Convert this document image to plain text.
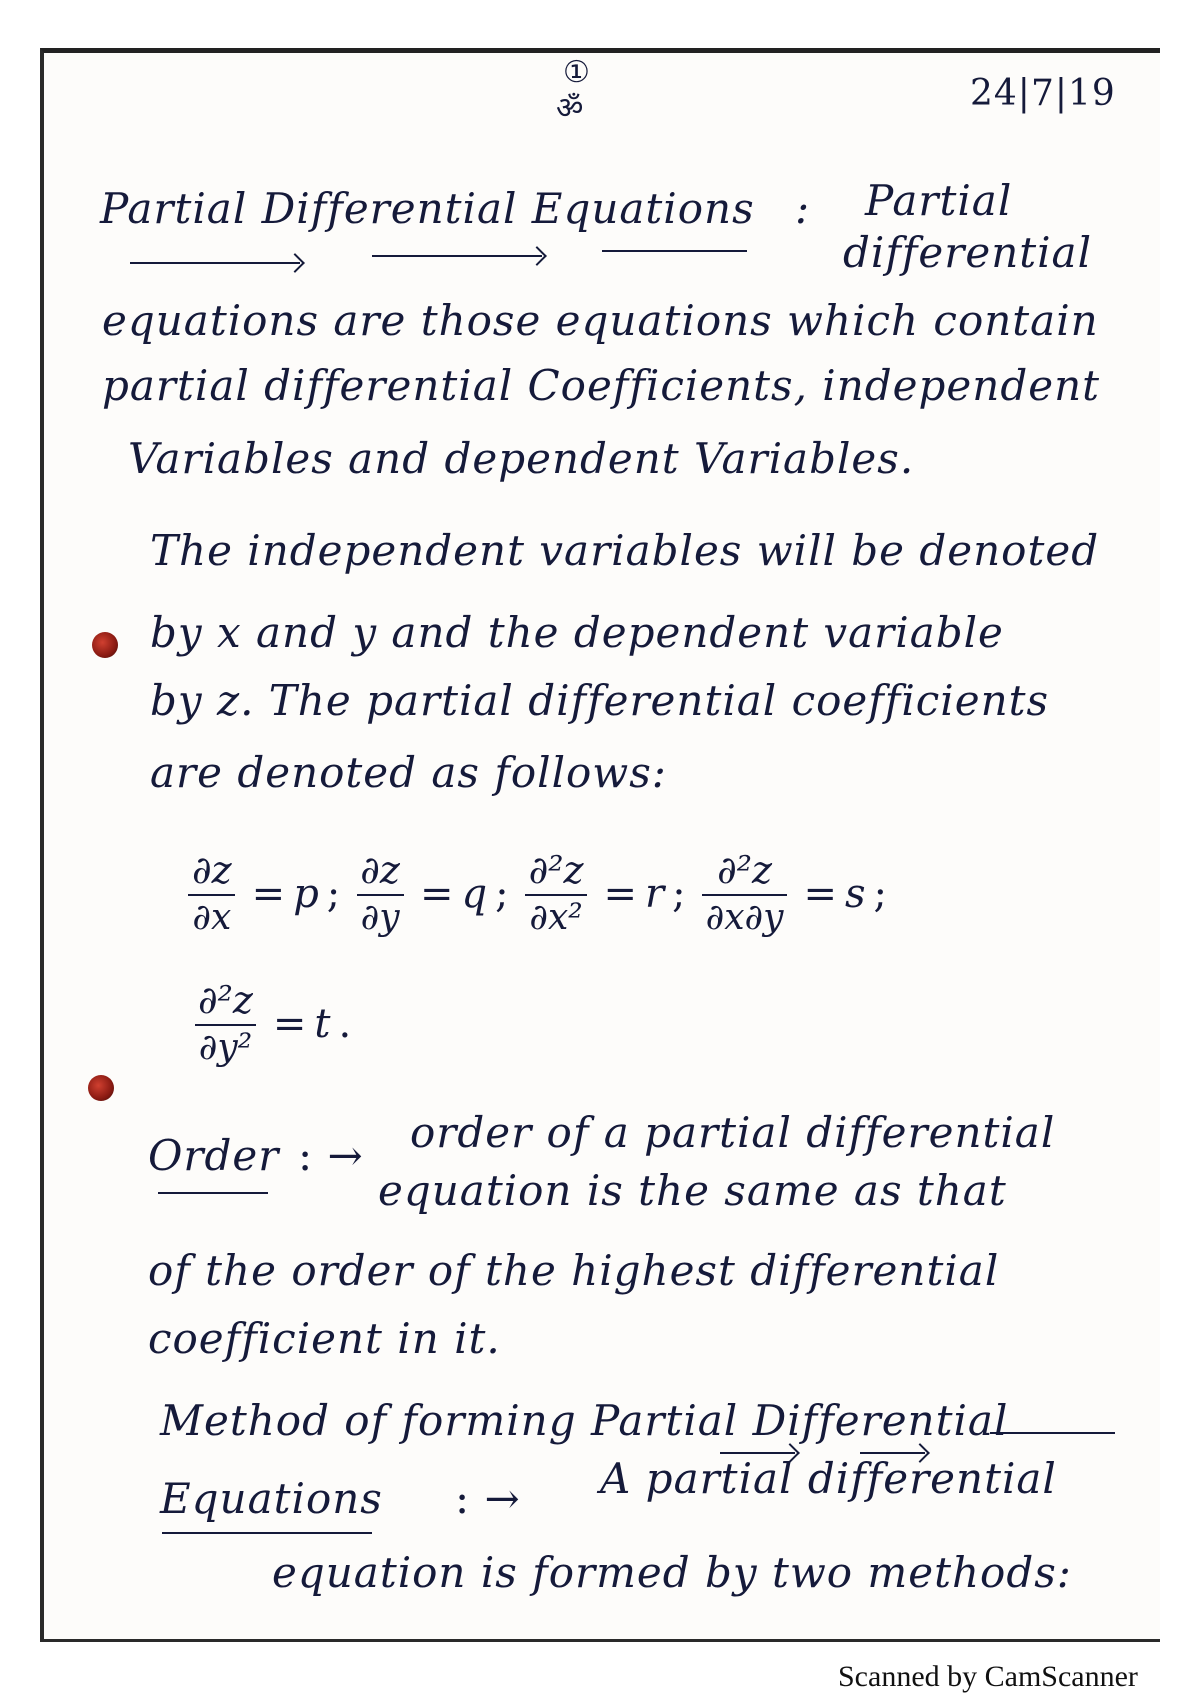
①
ॐ	24|7|19
Partial Differential Equations : Partial
differential
equations are those equations which contain
partial differential Coefficients, independent
Variables and dependent Variables.
The independent variables will be denoted
by x and y and the dependent variable
by z. The partial differential coefficients
are denoted as follows:
$\frac{\partial z}{\partial x} = p$ ; $\frac{\partial z}{\partial y} = q$ ; $\frac{\text{∂²z}}{\text{∂x²}} = r$ ; $\frac{\text{∂²z}}{\partial x\partial y} = s$ ;
$\frac{\text{∂²z}}{\text{∂y²}} = t$ .
Order : → order of a partial differential
equation is the same as that
of the order of the highest differential
coefficient in it.
Method of forming Partial Differential
Equations : → A partial differential
equation is formed by two methods:
Scanned by CamScanner
